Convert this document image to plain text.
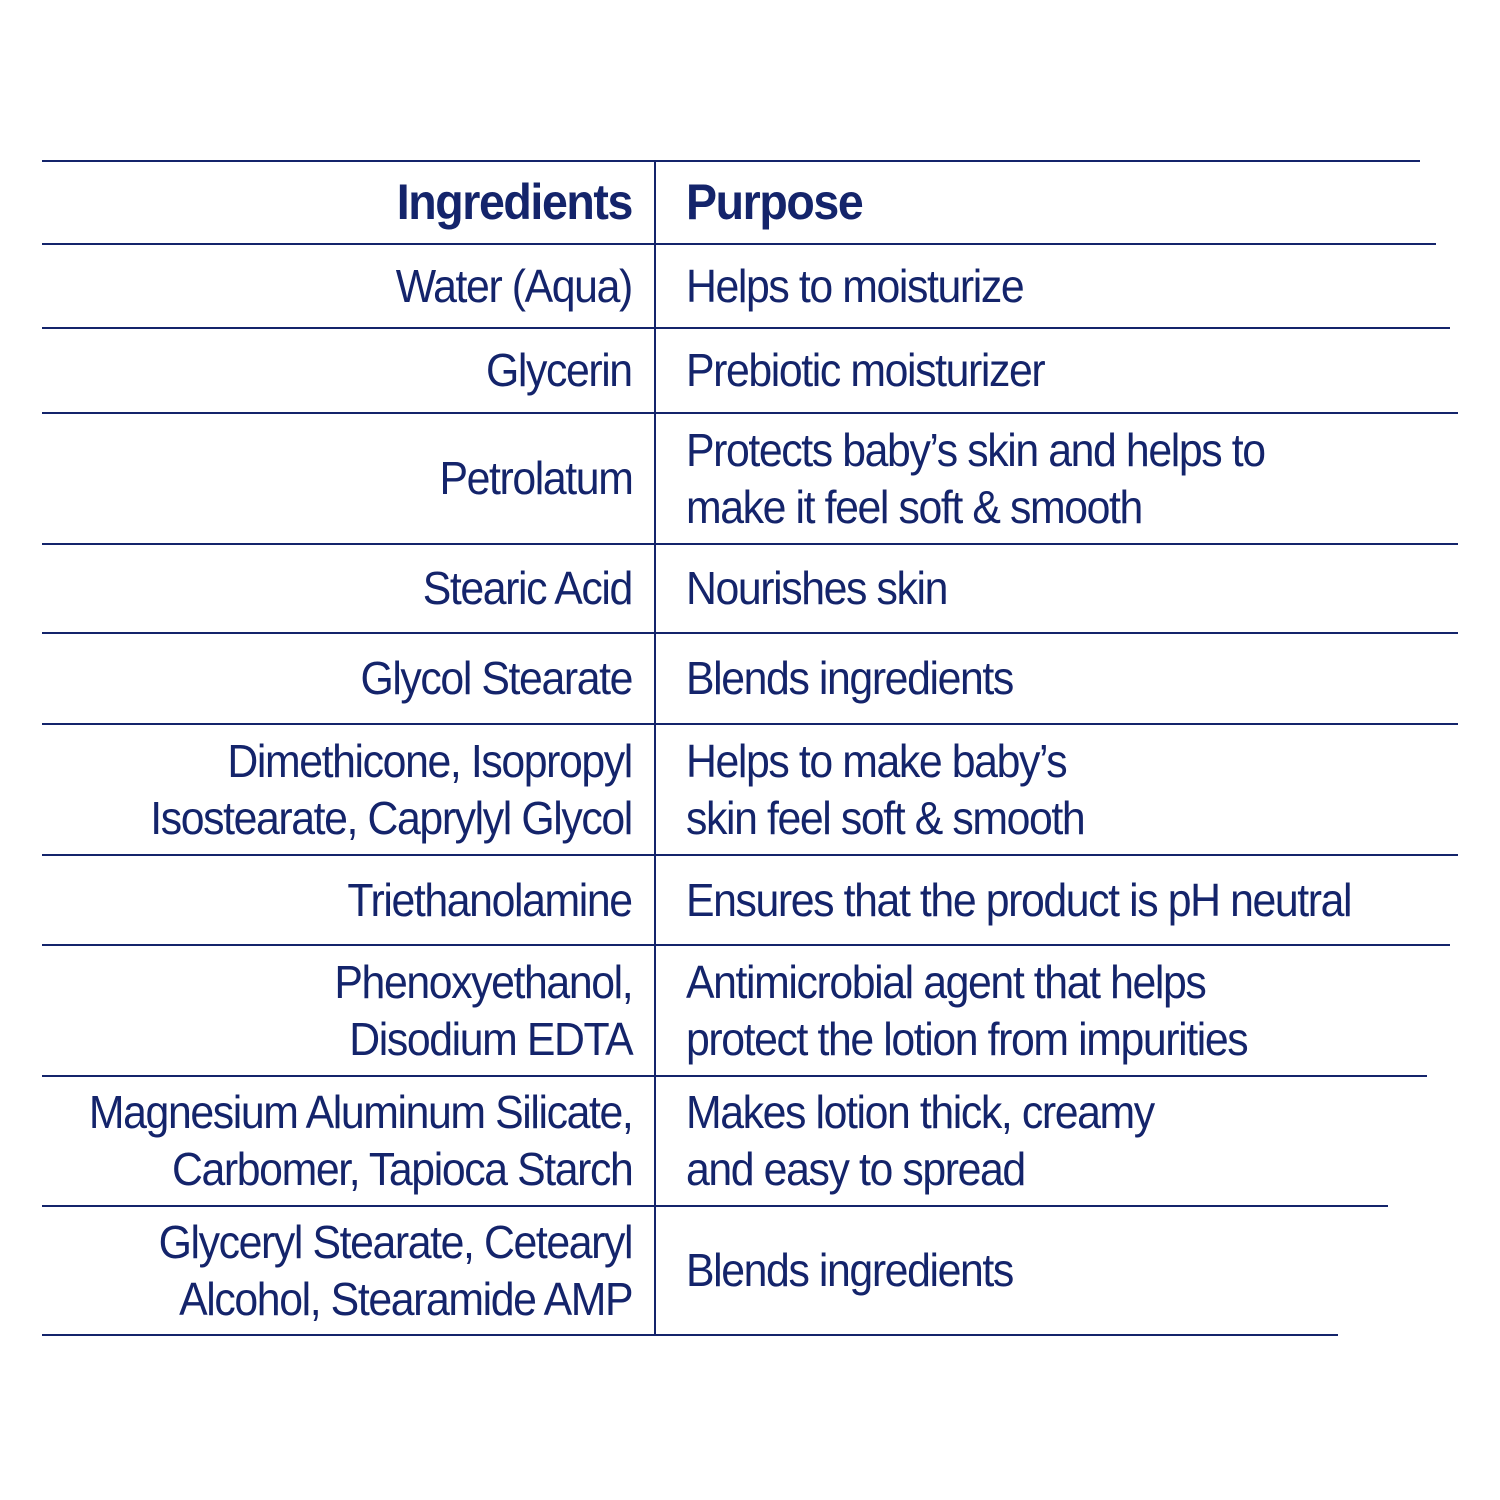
Ingredients Purpose
Water (Aqua) Helps to moisturize
Glycerin Prebiotic moisturizer
Petrolatum
Protects baby’s skin and helps to
make it feel soft & smooth
Stearic Acid Nourishes skin
Glycol Stearate Blends ingredients
Dimethicone, Isopropyl
Isostearate, Caprylyl Glycol
Helps to make baby’s
skin feel soft & smooth
Triethanolamine Ensures that the product is pH neutral
Phenoxyethanol,
Disodium EDTA
Antimicrobial agent that helps
protect the lotion from impurities
Magnesium Aluminum Silicate,
Carbomer, Tapioca Starch
Makes lotion thick, creamy
and easy to spread
Glyceryl Stearate, Cetearyl
Alcohol, Stearamide AMP
Blends ingredients
